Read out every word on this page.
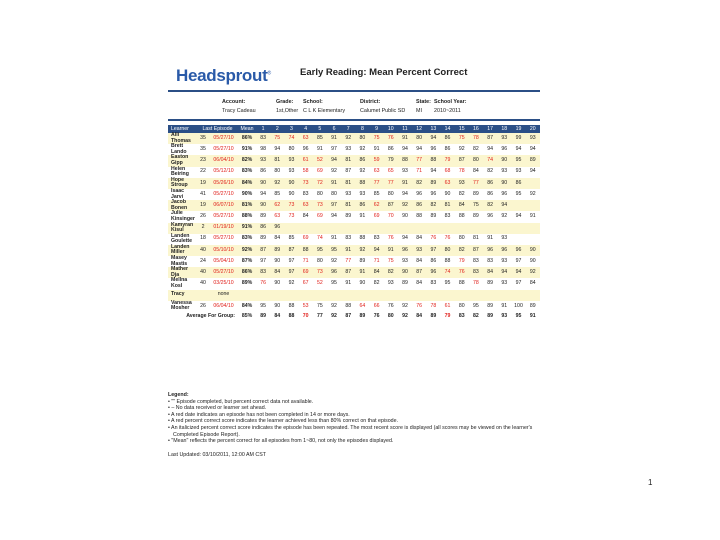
Headsprout®	Early Reading: Mean Percent Correct
Account:
Tracy Cadeau
Grade:
1st,Other
School:
C L K Elementary
District:
Calumet Public SD
State:
MI
School Year:
2010~2011
Learner	Last Episode		Mean	1	2	3	4	5	6	7	8	9	10	11	12	13	14	15	16	17	18	19	20
Alli Thomas	35	05/27/10	86%	83	75	74	63	85	91	92	80	75	76	91	80	94	86	75	78	87	93	99	93
Brett Lando	35	05/27/10	91%	98	94	80	96	91	97	93	92	91	86	94	94	96	86	92	82	94	96	94	94
Easton Gipp	23	06/04/10	82%	93	81	93	61	52	94	81	86	59	79	88	77	88	79	87	80	74	90	95	89
Helen Beiring	22	05/12/10	83%	86	80	93	58	69	92	87	92	63	65	93	71	94	68	78	84	82	93	93	94
Hope Stroup	19	05/26/10	84%	90	92	90	73	72	91	81	88	77	77	91	82	89	63	93	77	86	90	86	
Isaac Jarvi	41	05/27/10	90%	94	85	90	83	80	80	93	93	85	80	94	96	96	90	82	89	86	96	95	92
Jacob Bonen	19	06/07/10	81%	90	62	73	63	73	97	81	86	62	87	92	86	82	81	84	75	82	94		
Julie Kinsinger	26	05/27/10	88%	89	63	73	84	69	94	89	91	69	70	90	88	89	83	88	89	96	92	94	91
Kamyran Kisul	2	01/19/10	91%	86	96																		
Landen Goulette	18	05/27/10	83%	89	84	85	69	74	91	83	88	83	76	94	84	76	76	80	81	91	93		
Landen Miller	40	05/10/10	92%	87	89	87	88	95	95	91	92	94	91	96	93	97	80	82	87	96	96	96	90
Masey Mastis	24	05/04/10	87%	97	90	97	71	80	92	77	89	71	75	93	84	86	88	79	83	83	93	97	90
Mather Dja	40	05/27/10	86%	83	84	97	69	73	96	87	91	84	82	90	87	96	74	76	83	84	94	94	92
Mellna Kosl	40	03/25/10	89%	76	90	92	67	52	95	91	90	82	93	89	84	83	95	88	78	89	93	97	84
Tracy		none																					
Vanessa Mosher	26	06/04/10	84%	95	90	88	53	75	92	88	64	66	76	92	76	78	61	80	95	89	91	100	89
Average For Group:			85%	89	84	88	70	77	92	87	89	76	80	92	84	89	79	83	82	89	93	95	91
Legend:
• "" Episode completed, but percent correct data not available.
• – No data received or learner set ahead.
• A red date indicates an episode has not been completed in 14 or more days.
• A red percent correct score indicates the learner achieved less than 80% correct on that episode.
• An italicized percent correct score indicates the episode has been repeated. The most recent score is displayed (all scores may be viewed on the learner's
Completed Episode Report).
• "Mean" reflects the percent correct for all episodes from 1~80, not only the episodes displayed.
Last Updated: 03/10/2011, 12:00 AM CST
1
